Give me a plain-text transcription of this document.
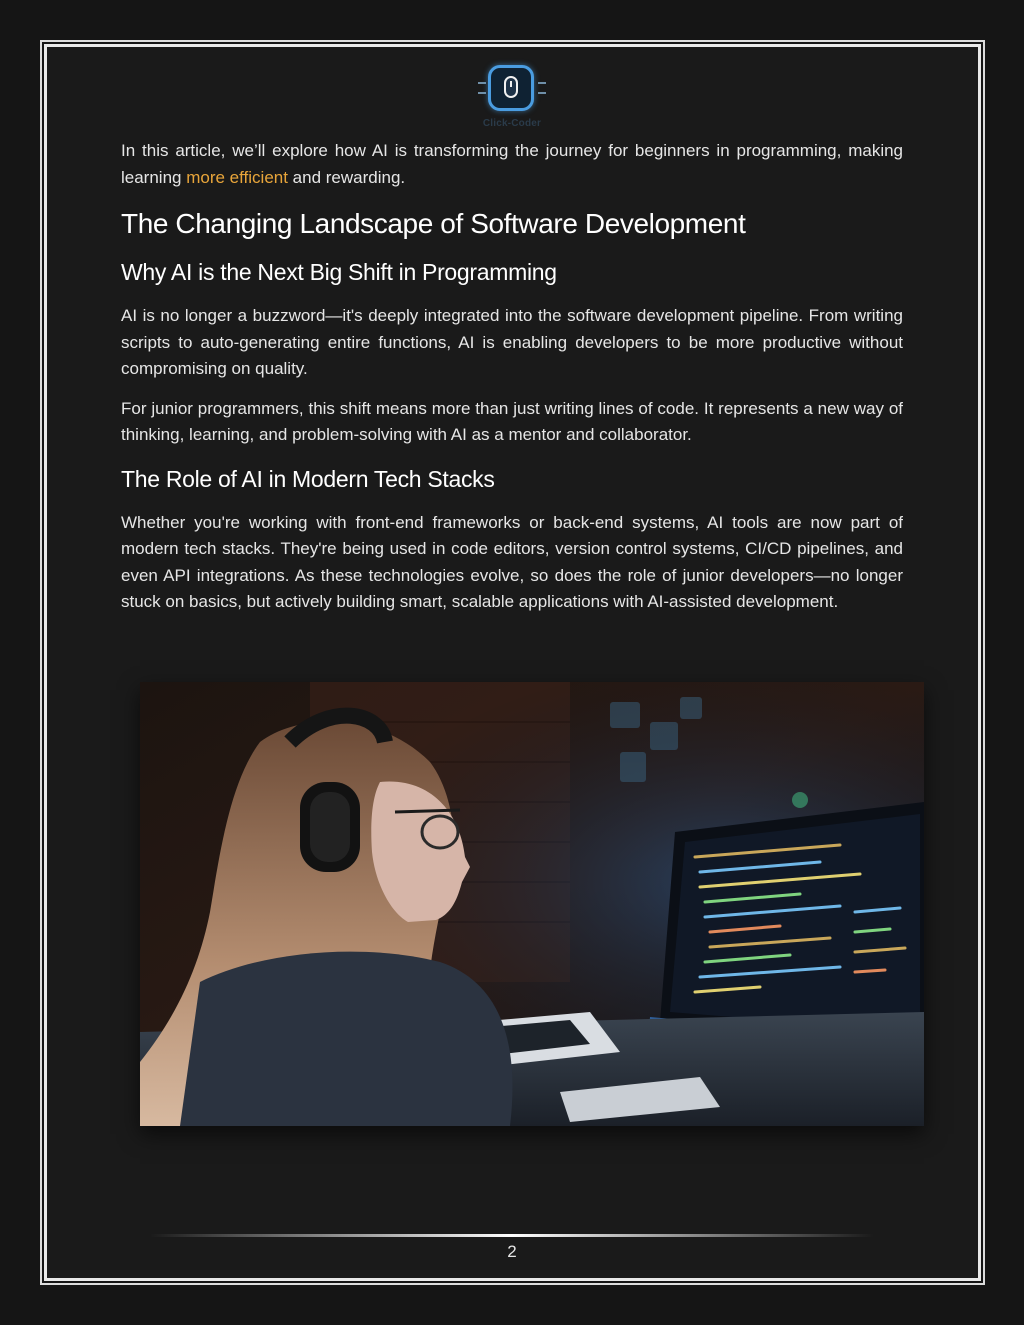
Click-Coder

In this article, we’ll explore how AI is transforming the journey for beginners in programming, making learning more efficient and rewarding.

The Changing Landscape of Software Development
Why AI is the Next Big Shift in Programming

AI is no longer a buzzword—it's deeply integrated into the software development pipeline. From writing scripts to auto-generating entire functions, AI is enabling developers to be more productive without compromising on quality.

For junior programmers, this shift means more than just writing lines of code. It represents a new way of thinking, learning, and problem-solving with AI as a mentor and collaborator.

The Role of AI in Modern Tech Stacks

Whether you're working with front-end frameworks or back-end systems, AI tools are now part of modern tech stacks. They're being used in code editors, version control systems, CI/CD pipelines, and even API integrations. As these technologies evolve, so does the role of junior developers—no longer stuck on basics, but actively building smart, scalable applications with AI-assisted development.

2
